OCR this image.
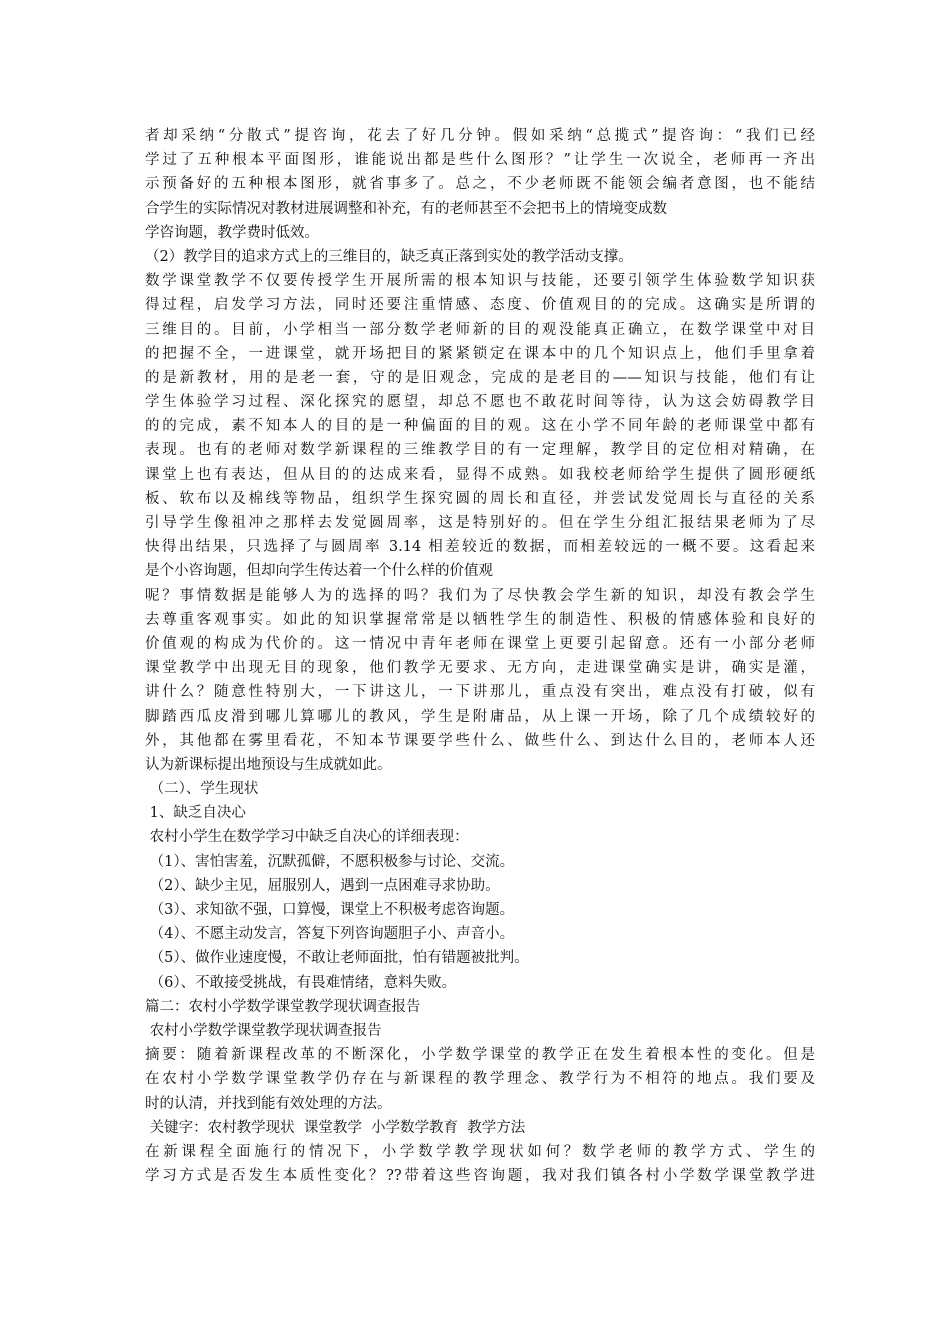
者却采纳“分散式”提咨询，花去了好几分钟。假如采纳“总揽式”提咨询：“我们已经
学过了五种根本平面图形，谁能说出都是些什么图形？”让学生一次说全，老师再一齐出
示预备好的五种根本图形，就省事多了。总之，不少老师既不能领会编者意图，也不能结
合学生的实际情况对教材进展调整和补充，有的老师甚至不会把书上的情境变成数
学咨询题，教学费时低效。
（2）教学目的追求方式上的三维目的，缺乏真正落到实处的教学活动支撑。
数学课堂教学不仅要传授学生开展所需的根本知识与技能，还要引领学生体验数学知识获
得过程，启发学习方法，同时还要注重情感、态度、价值观目的的完成。这确实是所谓的
三维目的。目前，小学相当一部分数学老师新的目的观没能真正确立，在数学课堂中对目
的把握不全，一进课堂，就开场把目的紧紧锁定在课本中的几个知识点上，他们手里拿着
的是新教材，用的是老一套，守的是旧观念，完成的是老目的——知识与技能，他们有让
学生体验学习过程、深化探究的愿望，却总不愿也不敢花时间等待，认为这会妨碍教学目
的的完成，素不知本人的目的是一种偏面的目的观。这在小学不同年龄的老师课堂中都有
表现。也有的老师对数学新课程的三维教学目的有一定理解，教学目的定位相对精确，在
课堂上也有表达，但从目的的达成来看，显得不成熟。如我校老师给学生提供了圆形硬纸
板、软布以及棉线等物品，组织学生探究圆的周长和直径，并尝试发觉周长与直径的关系
引导学生像祖冲之那样去发觉圆周率，这是特别好的。但在学生分组汇报结果老师为了尽
快得出结果，只选择了与圆周率 3.14 相差较近的数据，而相差较远的一概不要。这看起来
是个小咨询题，但却向学生传达着一个什么样的价值观
呢？事情数据是能够人为的选择的吗？我们为了尽快教会学生新的知识，却没有教会学生
去尊重客观事实。如此的知识掌握常常是以牺牲学生的制造性、积极的情感体验和良好的
价值观的构成为代价的。这一情况中青年老师在课堂上更要引起留意。还有一小部分老师
课堂教学中出现无目的现象，他们教学无要求、无方向，走进课堂确实是讲，确实是灌，
讲什么？随意性特别大，一下讲这儿，一下讲那儿，重点没有突出，难点没有打破，似有
脚踏西瓜皮滑到哪儿算哪儿的教风，学生是附庸品，从上课一开场，除了几个成绩较好的
外，其他都在雾里看花，不知本节课要学些什么、做些什么、到达什么目的，老师本人还
认为新课标提出地预设与生成就如此。
（二）、学生现状
1、缺乏自决心
农村小学生在数学学习中缺乏自决心的详细表现：
（1）、害怕害羞，沉默孤僻，不愿积极参与讨论、交流。
（2）、缺少主见，屈服别人，遇到一点困难寻求协助。
（3）、求知欲不强，口算慢，课堂上不积极考虑咨询题。
（4）、不愿主动发言，答复下列咨询题胆子小、声音小。
（5）、做作业速度慢，不敢让老师面批，怕有错题被批判。
（6）、不敢接受挑战，有畏难情绪，意料失败。
篇二：农村小学数学课堂教学现状调查报告
农村小学数学课堂教学现状调查报告
摘要：随着新课程改革的不断深化，小学数学课堂的教学正在发生着根本性的变化。但是
在农村小学数学课堂教学仍存在与新课程的教学理念、教学行为不相符的地点。我们要及
时的认清，并找到能有效处理的方法。
关键字：农村教学现状  课堂教学  小学数学教育  教学方法
在新课程全面施行的情况下，小学数学教学现状如何？数学老师的教学方式、学生的
学习方式是否发生本质性变化？??带着这些咨询题，我对我们镇各村小学数学课堂教学进
